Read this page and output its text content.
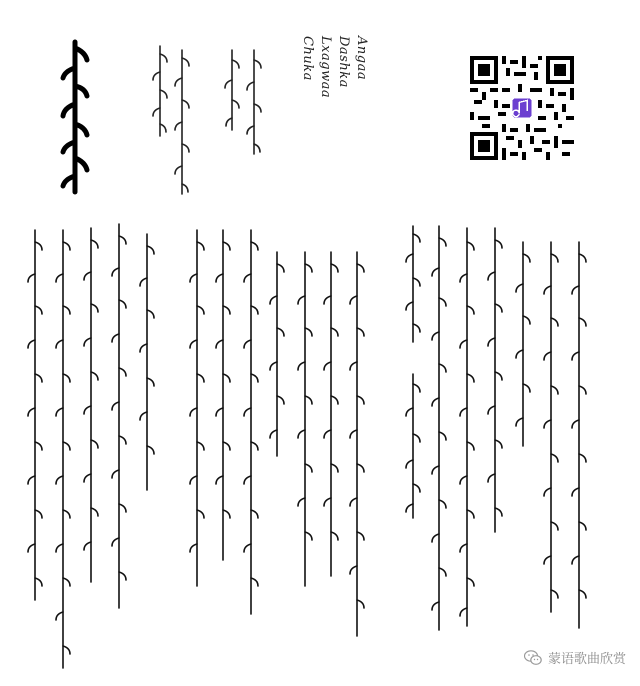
Chuka Lxagwaa Dashka Angaa
蒙语歌曲欣赏
